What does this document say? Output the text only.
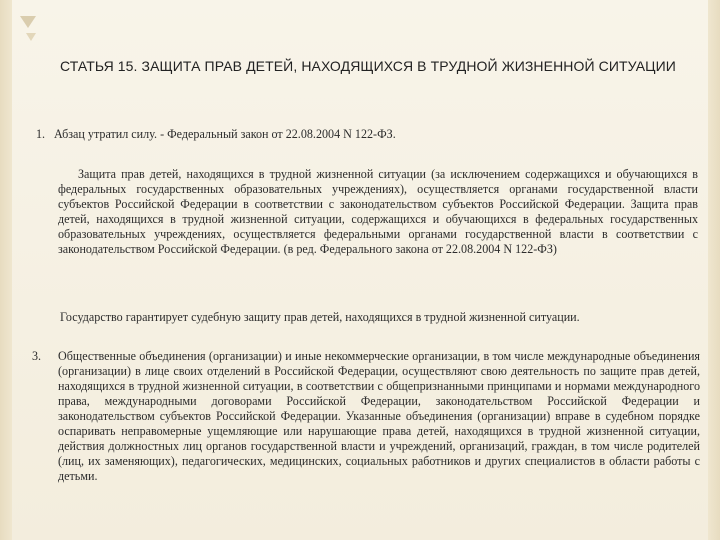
СТАТЬЯ 15. ЗАЩИТА ПРАВ ДЕТЕЙ, НАХОДЯЩИХСЯ В ТРУДНОЙ ЖИЗНЕННОЙ СИТУАЦИИ
1. Абзац утратил силу. - Федеральный закон от 22.08.2004 N 122-ФЗ.
Защита прав детей, находящихся в трудной жизненной ситуации (за исключением содержащихся и обучающихся в федеральных государственных образовательных учреждениях), осуществляется органами государственной власти субъектов Российской Федерации в соответствии с законодательством субъектов Российской Федерации. Защита прав детей, находящихся в трудной жизненной ситуации, содержащихся и обучающихся в федеральных государственных образовательных учреждениях, осуществляется федеральными органами государственной власти в соответствии с законодательством Российской Федерации. (в ред. Федерального закона от 22.08.2004 N 122-ФЗ)
Государство гарантирует судебную защиту прав детей, находящихся в трудной жизненной ситуации.
3. Общественные объединения (организации) и иные некоммерческие организации, в том числе международные объединения (организации) в лице своих отделений в Российской Федерации, осуществляют свою деятельность по защите прав детей, находящихся в трудной жизненной ситуации, в соответствии с общепризнанными принципами и нормами международного права, международными договорами Российской Федерации, законодательством Российской Федерации и законодательством субъектов Российской Федерации. Указанные объединения (организации) вправе в судебном порядке оспаривать неправомерные ущемляющие или нарушающие права детей, находящихся в трудной жизненной ситуации, действия должностных лиц органов государственной власти и учреждений, организаций, граждан, в том числе родителей (лиц, их заменяющих), педагогических, медицинских, социальных работников и других специалистов в области работы с детьми.
